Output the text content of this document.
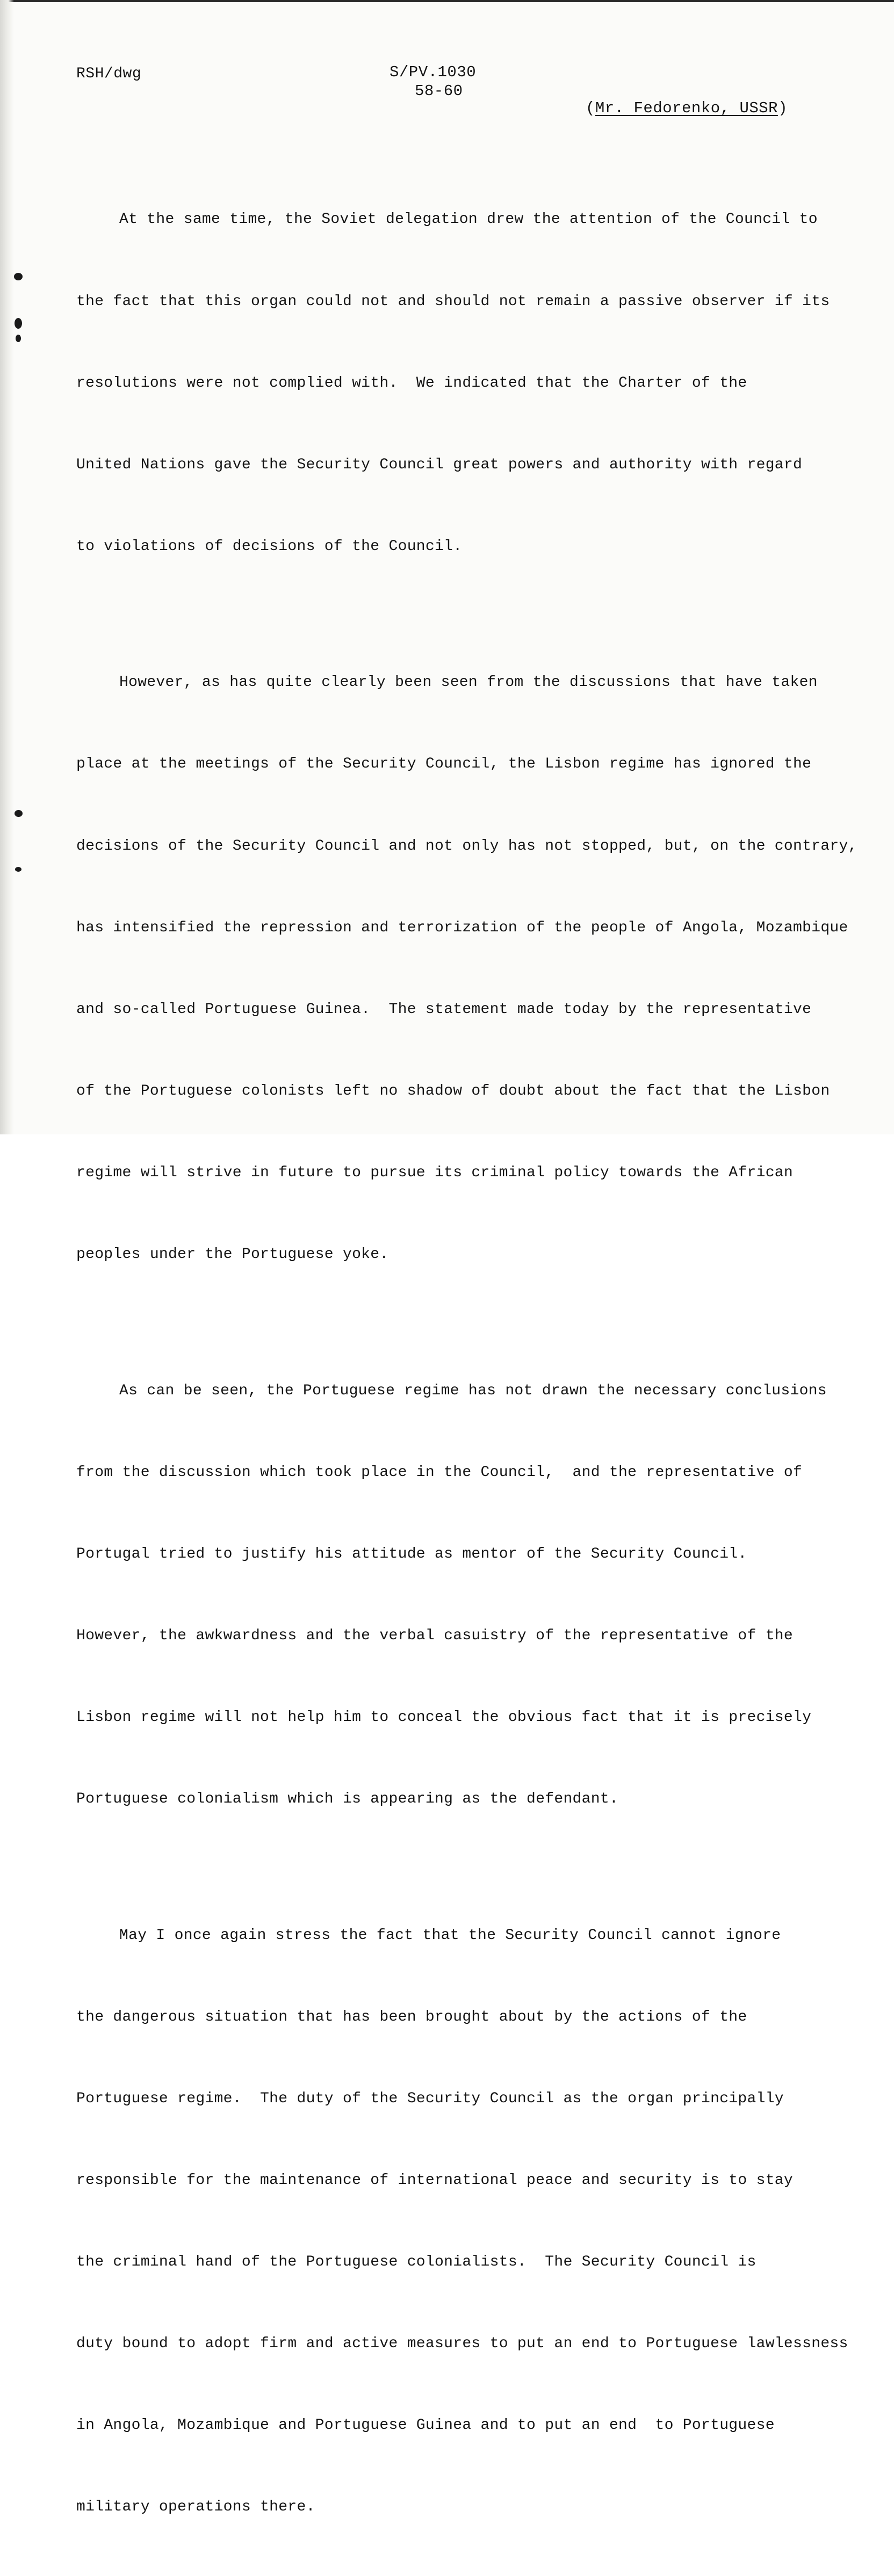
RSH/dwg	S/PV.1030
58-60
(Mr. Fedorenko, USSR)

At the same time, the Soviet delegation drew the attention of the Council to

the fact that this organ could not and should not remain a passive observer if its

resolutions were not complied with.  We indicated that the Charter of the

United Nations gave the Security Council great powers and authority with regard

to violations of decisions of the Council.

However, as has quite clearly been seen from the discussions that have taken

place at the meetings of the Security Council, the Lisbon regime has ignored the

decisions of the Security Council and not only has not stopped, but, on the contrary,

has intensified the repression and terrorization of the people of Angola, Mozambique

and so-called Portuguese Guinea.  The statement made today by the representative

of the Portuguese colonists left no shadow of doubt about the fact that the Lisbon

regime will strive in future to pursue its criminal policy towards the African

peoples under the Portuguese yoke.

As can be seen, the Portuguese regime has not drawn the necessary conclusions

from the discussion which took place in the Council,  and the representative of

Portugal tried to justify his attitude as mentor of the Security Council.

However, the awkwardness and the verbal casuistry of the representative of the

Lisbon regime will not help him to conceal the obvious fact that it is precisely

Portuguese colonialism which is appearing as the defendant.

May I once again stress the fact that the Security Council cannot ignore

the dangerous situation that has been brought about by the actions of the

Portuguese regime.  The duty of the Security Council as the organ principally

responsible for the maintenance of international peace and security is to stay

the criminal hand of the Portuguese colonialists.  The Security Council is

duty bound to adopt firm and active measures to put an end to Portuguese lawlessness

in Angola, Mozambique and Portuguese Guinea and to put an end  to Portuguese

military operations there.
